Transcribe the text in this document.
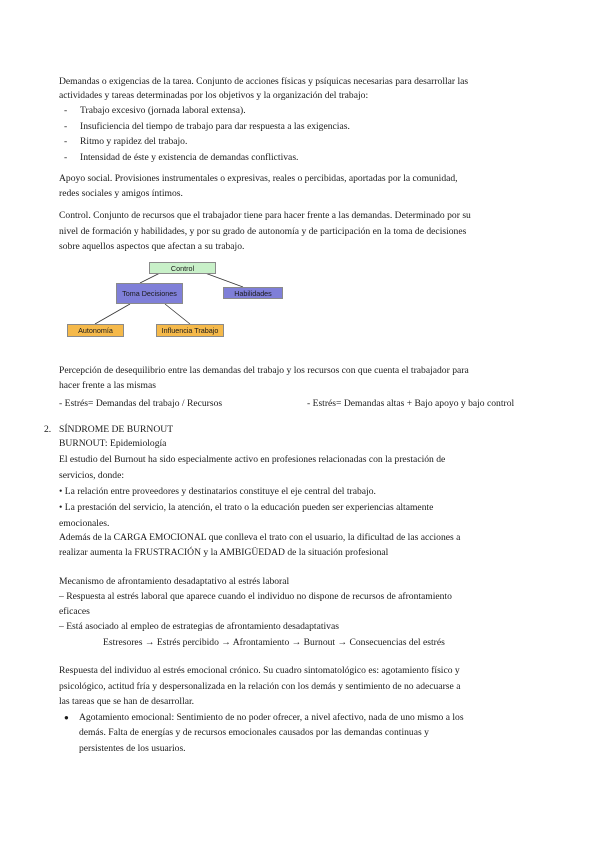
Demandas o exigencias de la tarea. Conjunto de acciones físicas y psíquicas necesarias para desarrollar las
actividades y tareas determinadas por los objetivos y la organización del trabajo:
- Trabajo excesivo (jornada laboral extensa).
- Insuficiencia del tiempo de trabajo para dar respuesta a las exigencias.
- Ritmo y rapidez del trabajo.
- Intensidad de éste y existencia de demandas conflictivas.
Apoyo social. Provisiones instrumentales o expresivas, reales o percibidas, aportadas por la comunidad,
redes sociales y amigos íntimos.
Control. Conjunto de recursos que el trabajador tiene para hacer frente a las demandas. Determinado por su
nivel de formación y habilidades, y por su grado de autonomía y de participación en la toma de decisiones
sobre aquellos aspectos que afectan a su trabajo.
Control
Toma Decisiones	Habilidades
Autonomía	Influencia Trabajo
Percepción de desequilibrio entre las demandas del trabajo y los recursos con que cuenta el trabajador para
hacer frente a las mismas
- Estrés= Demandas del trabajo / Recursos	- Estrés= Demandas altas + Bajo apoyo y bajo control
2. SÍNDROME DE BURNOUT
BURNOUT: Epidemiología
El estudio del Burnout ha sido especialmente activo en profesiones relacionadas con la prestación de
servicios, donde:
• La relación entre proveedores y destinatarios constituye el eje central del trabajo.
• La prestación del servicio, la atención, el trato o la educación pueden ser experiencias altamente
emocionales.
Además de la CARGA EMOCIONAL que conlleva el trato con el usuario, la dificultad de las acciones a
realizar aumenta la FRUSTRACIÓN y la AMBIGÜEDAD de la situación profesional
Mecanismo de afrontamiento desadaptativo al estrés laboral
– Respuesta al estrés laboral que aparece cuando el individuo no dispone de recursos de afrontamiento
eficaces
– Está asociado al empleo de estrategias de afrontamiento desadaptativas
Estresores → Estrés percibido → Afrontamiento → Burnout → Consecuencias del estrés
Respuesta del individuo al estrés emocional crónico. Su cuadro sintomatológico es: agotamiento físico y
psicológico, actitud fría y despersonalizada en la relación con los demás y sentimiento de no adecuarse a
las tareas que se han de desarrollar.
● Agotamiento emocional: Sentimiento de no poder ofrecer, a nivel afectivo, nada de uno mismo a los
demás. Falta de energías y de recursos emocionales causados por las demandas continuas y
persistentes de los usuarios.
